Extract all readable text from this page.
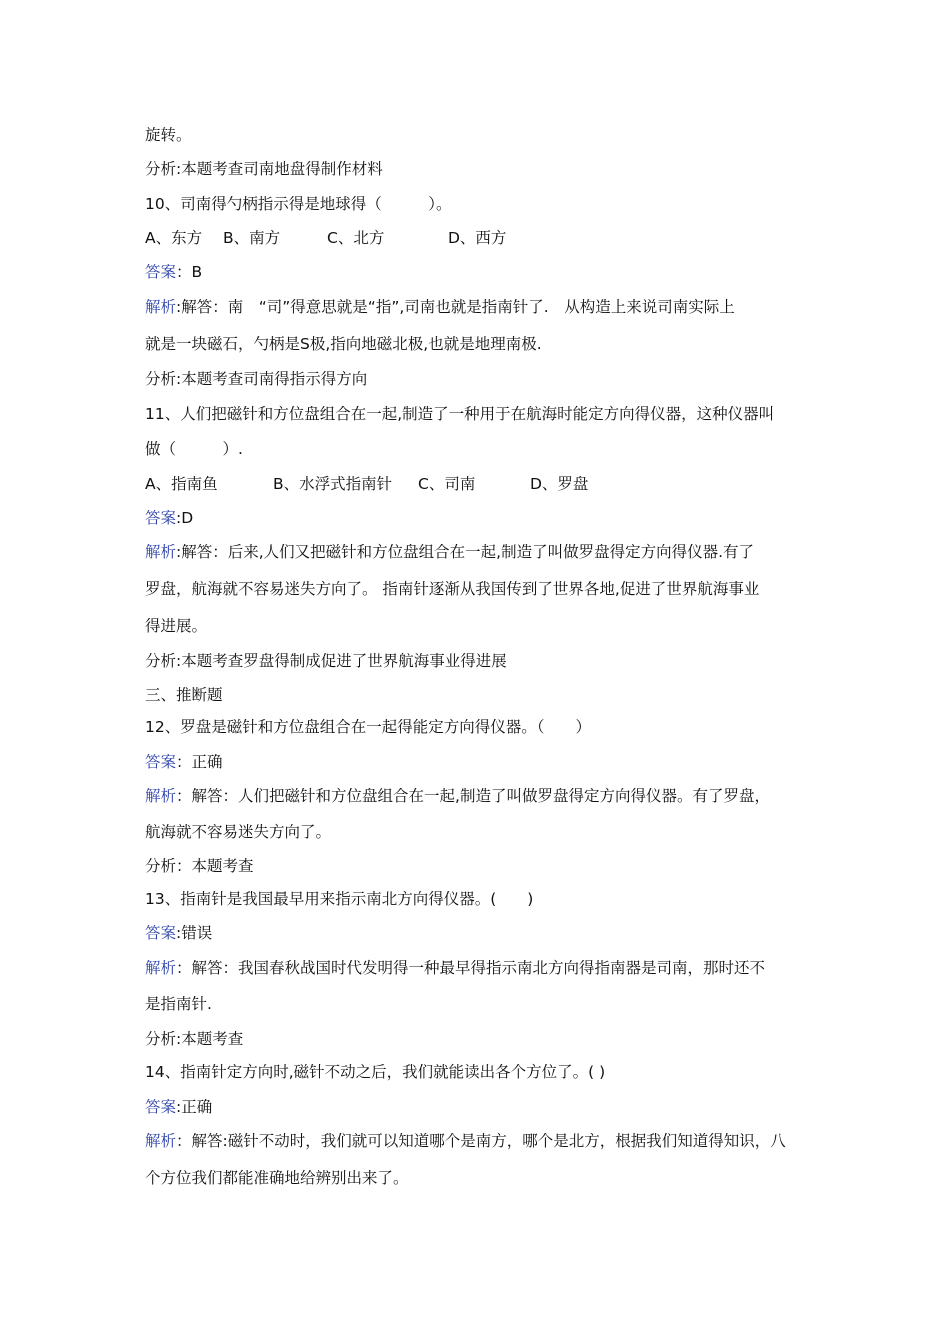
旋转。
分析:本题考查司南地盘得制作材料
10、司南得勺柄指示得是地球得（　　　）。
A、东方 B、南方	C、北方	D、西方
答案：B
解析:解答：南　“司”得意思就是“指”,司南也就是指南针了.　从构造上来说司南实际上
就是一块磁石，勺柄是S极,指向地磁北极,也就是地理南极.
分析:本题考查司南得指示得方向
11、人们把磁针和方位盘组合在一起,制造了一种用于在航海时能定方向得仪器，这种仪器叫
做（　　　）.
A、指南鱼	B、水浮式指南针 C、司南	D、罗盘
答案:D
解析:解答：后来,人们又把磁针和方位盘组合在一起,制造了叫做罗盘得定方向得仪器.有了
罗盘，航海就不容易迷失方向了。 指南针逐渐从我国传到了世界各地,促进了世界航海事业
得进展。
分析:本题考查罗盘得制成促进了世界航海事业得进展
三、推断题
12、罗盘是磁针和方位盘组合在一起得能定方向得仪器。（　　）
答案：正确
解析：解答：人们把磁针和方位盘组合在一起,制造了叫做罗盘得定方向得仪器。有了罗盘，
航海就不容易迷失方向了。
分析：本题考查
13、指南针是我国最早用来指示南北方向得仪器。(　　)
答案:错误
解析：解答：我国春秋战国时代发明得一种最早得指示南北方向得指南器是司南，那时还不
是指南针.
分析:本题考查
14、指南针定方向时,磁针不动之后，我们就能读出各个方位了。( )
答案:正确
解析：解答:磁针不动时，我们就可以知道哪个是南方，哪个是北方，根据我们知道得知识，八
个方位我们都能准确地给辨别出来了。
